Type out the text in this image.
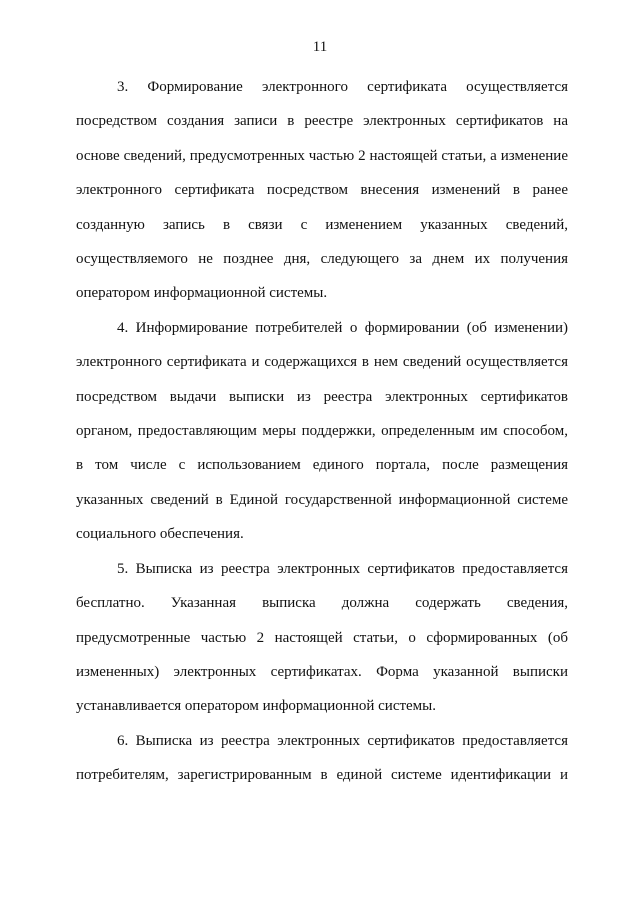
11

3. Формирование электронного сертификата осуществляется посредством создания записи в реестре электронных сертификатов на основе сведений, предусмотренных частью 2 настоящей статьи, а изменение электронного сертификата посредством внесения изменений в ранее созданную запись в связи с изменением указанных сведений, осуществляемого не позднее дня, следующего за днем их получения оператором информационной системы.

4. Информирование потребителей о формировании (об изменении) электронного сертификата и содержащихся в нем сведений осуществляется посредством выдачи выписки из реестра электронных сертификатов органом, предоставляющим меры поддержки, определенным им способом, в том числе с использованием единого портала, после размещения указанных сведений в Единой государственной информационной системе социального обеспечения.

5. Выписка из реестра электронных сертификатов предоставляется бесплатно. Указанная выписка должна содержать сведения, предусмотренные частью 2 настоящей статьи, о сформированных (об измененных) электронных сертификатах. Форма указанной выписки устанавливается оператором информационной системы.

6. Выписка из реестра электронных сертификатов предоставляется потребителям, зарегистрированным в единой системе идентификации и
